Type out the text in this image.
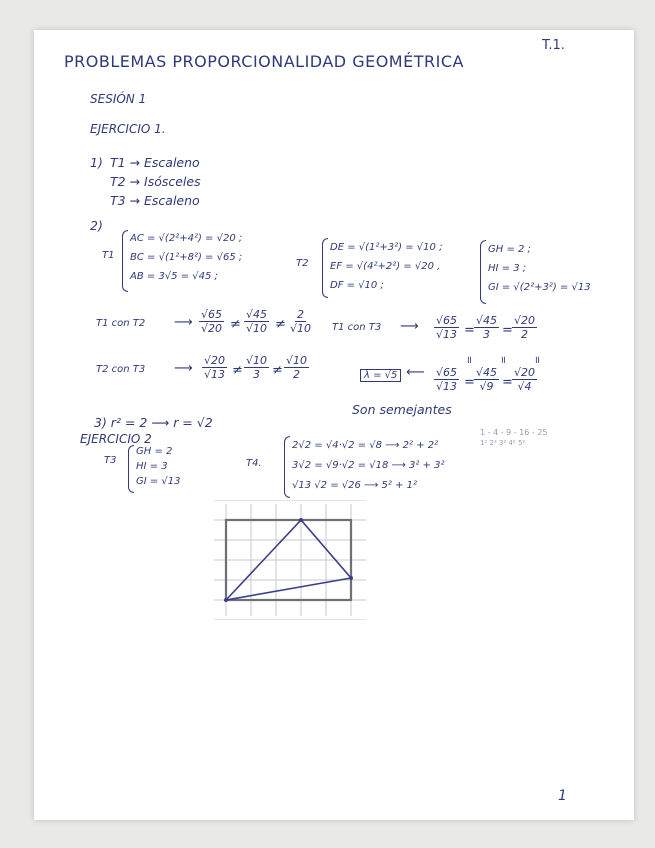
T.1.
PROBLEMAS PROPORCIONALIDAD GEOMÉTRICA
SESIÓN 1
EJERCICIO 1.
1) T1 → Escaleno
T2 → Isósceles
T3 → Escaleno
2)
T1
AC = √(2²+4²) = √20 ;
BC = √(1²+8²) = √65 ;
AB = 3√5 = √45 ;
T2
DE = √(1²+3²) = √10 ;
EF = √(4²+2²) = √20 ,
DF = √10 ;
GH = 2 ;
HI = 3 ;
GI = √(2²+3²) = √13
T1 con T2 ⟶ $\frac{√65}{√20} \ne \frac{√45}{√10} \ne \frac{2}{√10} T1$ con T3 ⟶ $\frac{√65}{√13} = \frac{√45}{3} = \frac{√20}{2}$
T2 con T3 ⟶ $\frac{√20}{√13} \ne \frac{√10}{3} \ne \frac{√10}{2}$	λ = √5 ⟵
॥	॥	॥
$\frac{√65}{√13} = \frac{√45}{√9} = \frac{√20}{√4}$
Son semejantes
3) r² = 2 ⟶ r = √2
EJERCICIO 2
T3
GH = 2
HI = 3
GI = √13
T4.
2√2 = √4·√2 = √8 ⟶ 2² + 2²
3√2 = √9·√2 = √18 ⟶ 3² + 3²
√13 √2 = √26 ⟶ 5² + 1²
1 - 4 - 9 - 16 - 25
1² 2² 3² 4² 5²
1
